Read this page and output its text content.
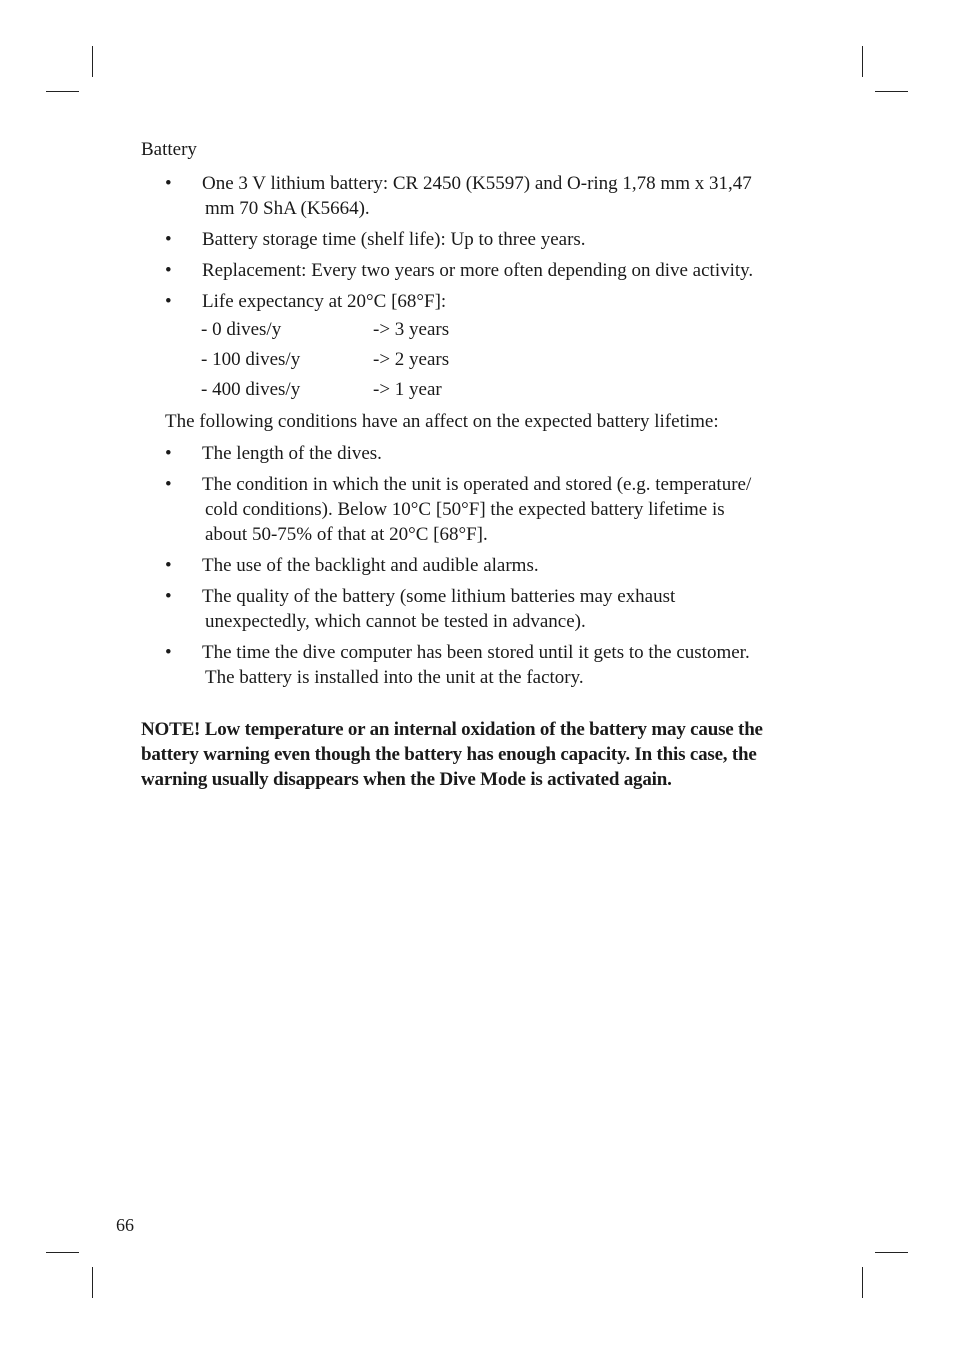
Battery
• One 3 V lithium battery: CR 2450 (K5597) and O-ring 1,78 mm x 31,47
mm 70 ShA (K5664).
• Battery storage time (shelf life): Up to three years.
• Replacement: Every two years or more often depending on dive activity.
• Life expectancy at 20°C [68°F]:
- 0 dives/y	-> 3 years
- 100 dives/y	-> 2 years
- 400 dives/y	-> 1 year
The following conditions have an affect on the expected battery lifetime:
• The length of the dives.
• The condition in which the unit is operated and stored (e.g. temperature/
cold conditions). Below 10°C [50°F] the expected battery lifetime is
about 50-75% of that at 20°C [68°F].
• The use of the backlight and audible alarms.
• The quality of the battery (some lithium batteries may exhaust
unexpectedly, which cannot be tested in advance).
• The time the dive computer has been stored until it gets to the customer.
The battery is installed into the unit at the factory.
NOTE! Low temperature or an internal oxidation of the battery may cause the
battery warning even though the battery has enough capacity. In this case, the
warning usually disappears when the Dive Mode is activated again.
66
